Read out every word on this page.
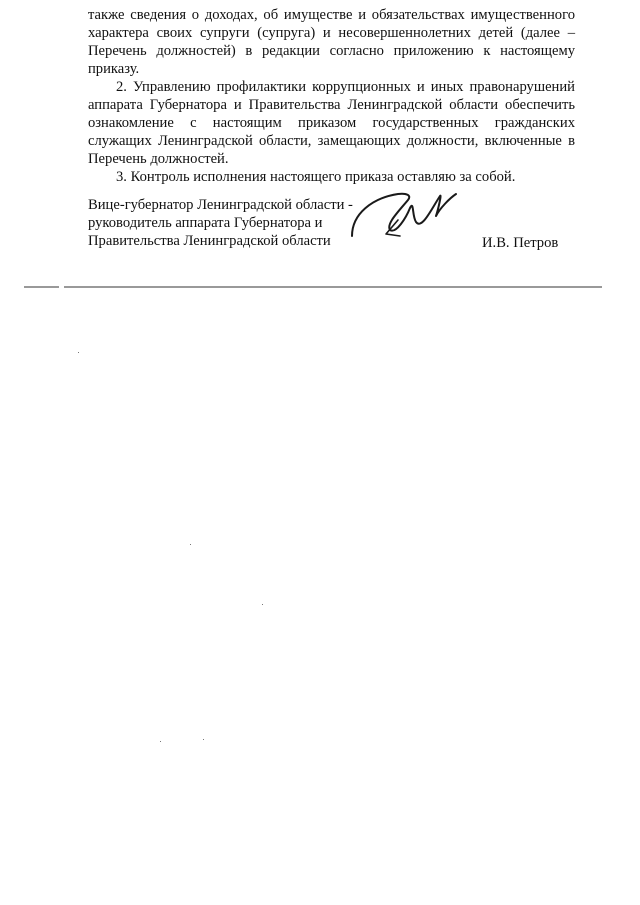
также сведения о доходах, об имуществе и обязательствах имущественного характера своих супруги (супруга) и несовершеннолетних детей (далее – Перечень должностей) в редакции согласно приложению к настоящему приказу.

2. Управлению профилактики коррупционных и иных правонарушений аппарата Губернатора и Правительства Ленинградской области обеспечить ознакомление с настоящим приказом государственных гражданских служащих Ленинградской области, замещающих должности, включенные в Перечень должностей.

3. Контроль исполнения настоящего приказа оставляю за собой.

Вице-губернатор Ленинградской области -
руководитель аппарата Губернатора и
Правительства Ленинградской области	И.В. Петров
